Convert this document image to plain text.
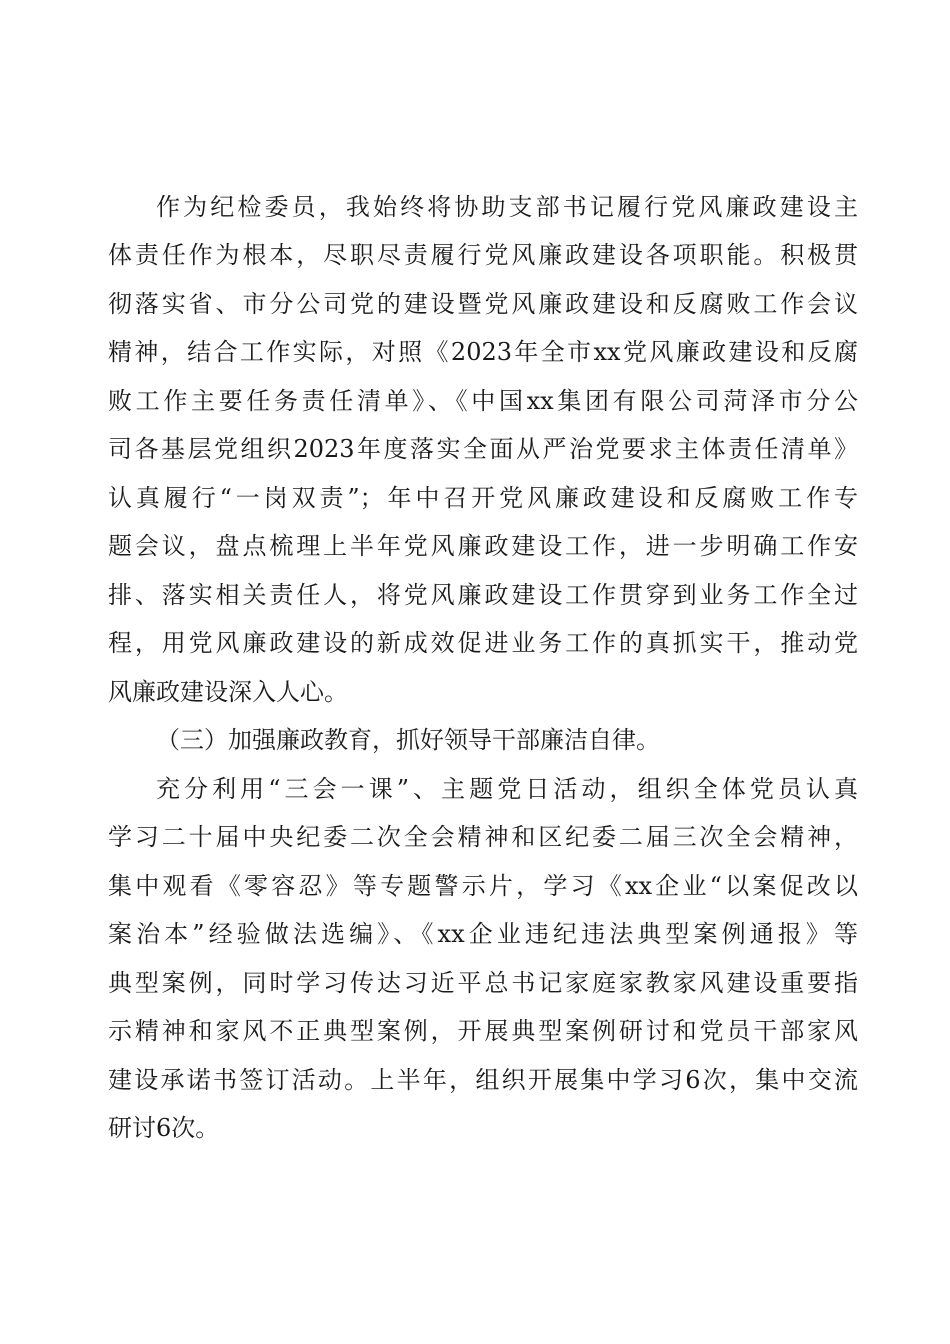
作为纪检委员，我始终将协助支部书记履行党风廉政建设主
体责任作为根本，尽职尽责履行党风廉政建设各项职能。积极贯
彻落实省、市分公司党的建设暨党风廉政建设和反腐败工作会议
精神，结合工作实际，对照《2023年全市xx党风廉政建设和反腐
败工作主要任务责任清单》、《中国xx集团有限公司菏泽市分公
司各基层党组织2023年度落实全面从严治党要求主体责任清单》
认真履行“一岗双责”；年中召开党风廉政建设和反腐败工作专
题会议，盘点梳理上半年党风廉政建设工作，进一步明确工作安
排、落实相关责任人，将党风廉政建设工作贯穿到业务工作全过
程，用党风廉政建设的新成效促进业务工作的真抓实干，推动党
风廉政建设深入人心。
（三）加强廉政教育，抓好领导干部廉洁自律。
充分利用“三会一课”、主题党日活动，组织全体党员认真
学习二十届中央纪委二次全会精神和区纪委二届三次全会精神，
集中观看《零容忍》等专题警示片，学习《xx企业“以案促改以
案治本”经验做法选编》、《xx企业违纪违法典型案例通报》等
典型案例，同时学习传达习近平总书记家庭家教家风建设重要指
示精神和家风不正典型案例，开展典型案例研讨和党员干部家风
建设承诺书签订活动。上半年，组织开展集中学习6次，集中交流
研讨6次。
